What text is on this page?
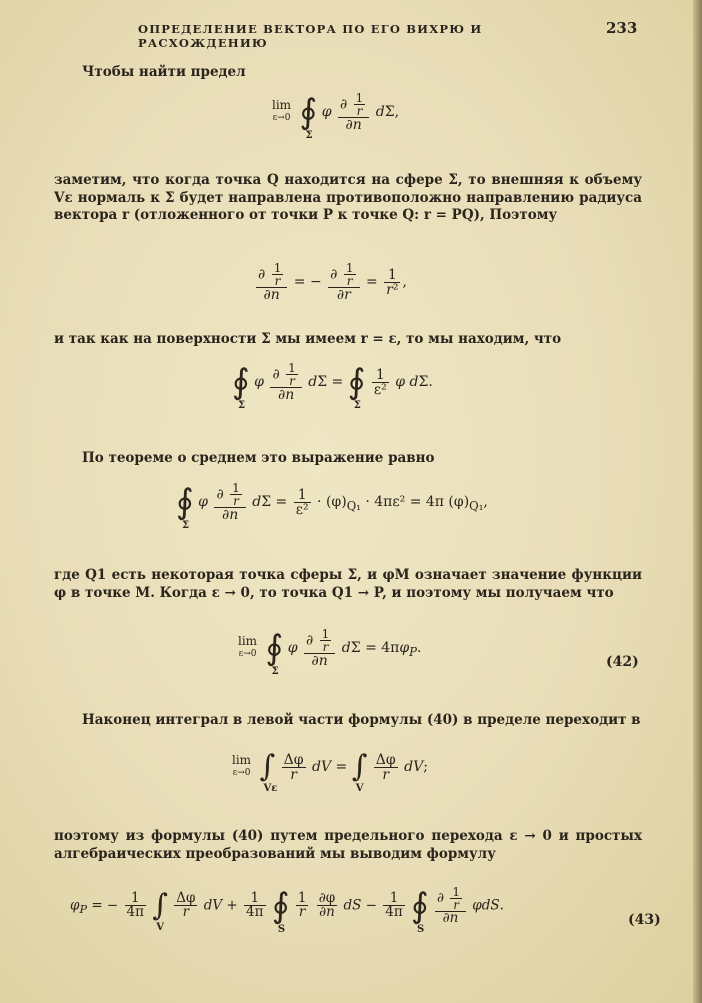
ОПРЕДЕЛЕНИЕ ВЕКТОРА ПО ЕГО ВИХРЮ И РАСХОЖДЕНИЮ
233
Чтобы найти предел
lim
ε→0 ∮
Σ
φ $\frac{\partial \frac{1}{r}}{\partial n} d\Sigma$,
заметим, что когда точка Q находится на сфере Σ, то внешняя к объему Vε нормаль к Σ будет направлена противоположно направлению радиуса вектора r (отложенного от точки P к точке Q: r = PQ), Поэтому
$\frac{\partial \frac{1}{r}}{\partial n}$ = − $\frac{\partial \frac{1}{r}}{\partial r} = \frac{1}{\text{r²}}$ ,
и так как на поверхности Σ мы имеем r = ε, то мы находим, что
∮
Σ
φ $\frac{\partial \frac{1}{r}}{\partial n}$ dΣ = ∮
Σ

$\frac{1}{\text{ε²}}$ φ dΣ.
По теореме о среднем это выражение равно
∮
Σ
φ $\frac{\partial \frac{1}{r}}{\partial n}$ $d\Sigma = \frac{1}{\text{ε²}} \cdot (\varphi)_{Q_1} \cdot 4\pi\varepsilon^2 = 4\pi$ $(\varphi)_{Q_1}$,
где Q1 есть некоторая точка сферы Σ, и φM означает значение функции φ в точке M. Когда ε → 0, то точка Q1 → P, и поэтому мы получаем что
lim
ε→0 ∮
Σ
φ $\frac{\partial \frac{1}{r}}{\partial n}$ $d\Sigma = 4\pi\varphi_P$.
(42)
Наконец интеграл в левой части формулы (40) в пределе переходит в
lim
ε→0 ∫
Vε

$\frac{\Delta\varphi}{r}$ dV = ∫
V

$\frac{\Delta\varphi}{r}$ dV;
поэтому из формулы (40) путем предельного перехода ε → 0 и простых алгебраических преобразований мы выводим формулу
$\varphi_P$ = − $\frac{1}{4\pi}$ ∫
V

$\frac{\Delta\varphi}{r}$ dV + $\frac{1}{4\pi}$ ∮
S

$\frac{1}{r}$
$\frac{\partial\varphi}{\partial n}$ dS − $\frac{1}{4\pi}$ ∮
S

$\frac{\partial \frac{1}{r}}{\partial n} \varphi dS$.
(43)
